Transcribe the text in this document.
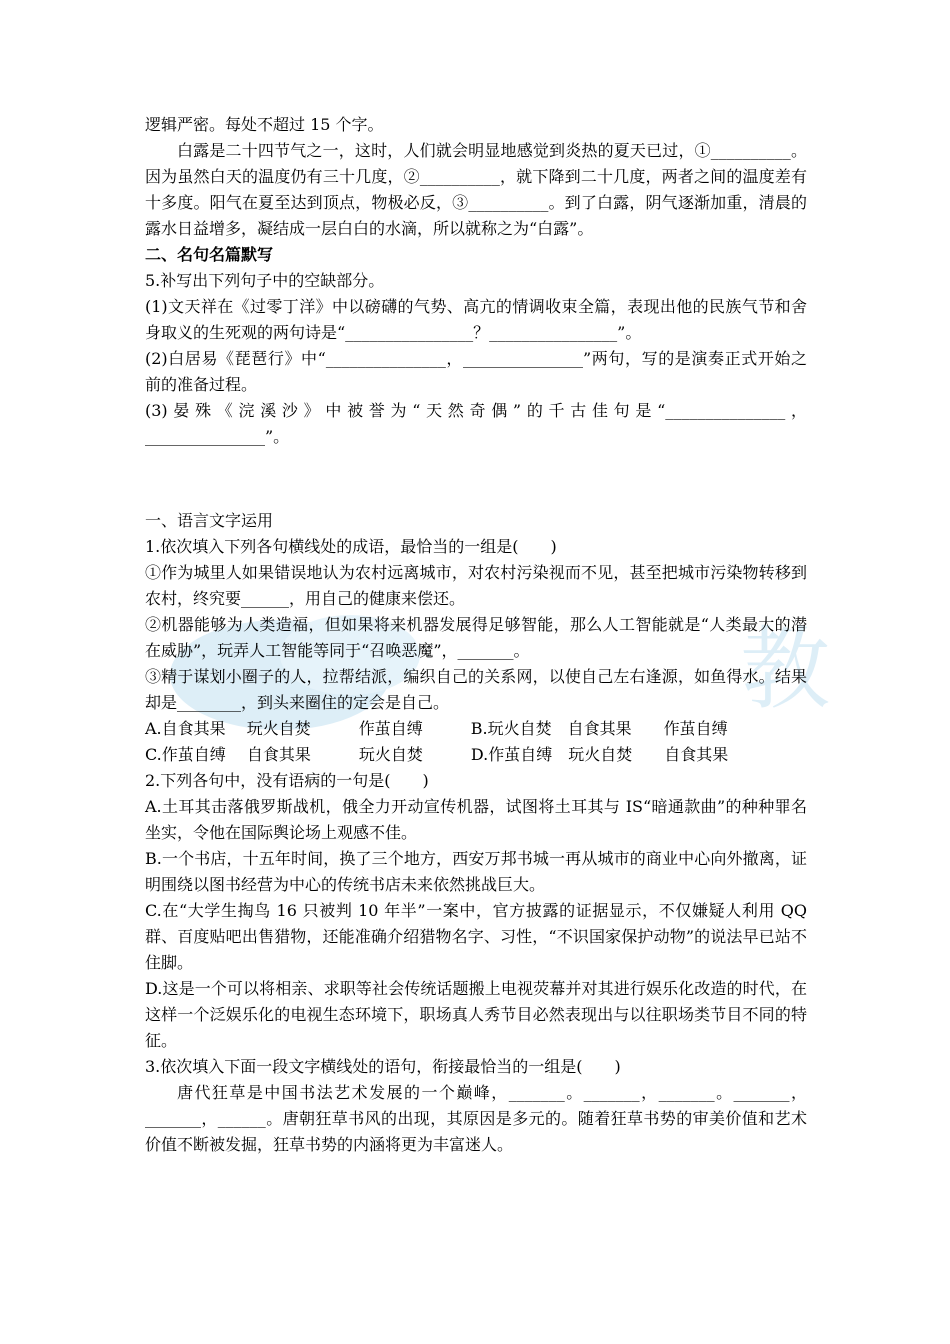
教

逻辑严密。每处不超过 15 个字。

白露是二十四节气之一，这时，人们就会明显地感觉到炎热的夏天已过，①__________。因为虽然白天的温度仍有三十几度，②__________，就下降到二十几度，两者之间的温度差有十多度。阳气在夏至达到顶点，物极必反，③__________。到了白露，阴气逐渐加重，清晨的露水日益增多，凝结成一层白白的水滴，所以就称之为“白露”。

二、名句名篇默写

5.补写出下列句子中的空缺部分。

(1)文天祥在《过零丁洋》中以磅礴的气势、高亢的情调收束全篇，表现出他的民族气节和舍身取义的生死观的两句诗是“________________？________________”。

(2)白居易《琵琶行》中“_______________，_______________”两句，写的是演奏正式开始之前的准备过程。

(3)晏殊《浣溪沙》中被誉为“天然奇偶”的千古佳句是“_______________，_______________”。

一、语言文字运用

1.依次填入下列各句横线处的成语，最恰当的一组是(　　)

①作为城里人如果错误地认为农村远离城市，对农村污染视而不见，甚至把城市污染物转移到农村，终究要______，用自己的健康来偿还。

②机器能够为人类造福，但如果将来机器发展得足够智能，那么人工智能就是“人类最大的潜在威胁”，玩弄人工智能等同于“召唤恶魔”，_______。

③精于谋划小圈子的人，拉帮结派，编织自己的关系网，以使自己左右逢源，如鱼得水。结果却是________，到头来圈住的定会是自己。

A.自食其果　 玩火自焚　　　作茧自缚　　　	B.玩火自焚　自食其果　　作茧自缚

C.作茧自缚　 自食其果　　　玩火自焚　　　	D.作茧自缚　玩火自焚　　自食其果

2.下列各句中，没有语病的一句是(　　)

A.土耳其击落俄罗斯战机，俄全力开动宣传机器，试图将土耳其与 IS“暗通款曲”的种种罪名坐实，令他在国际舆论场上观感不佳。

B.一个书店，十五年时间，换了三个地方，西安万邦书城一再从城市的商业中心向外撤离，证明围绕以图书经营为中心的传统书店未来依然挑战巨大。

C.在“大学生掏鸟 16 只被判 10 年半”一案中，官方披露的证据显示，不仅嫌疑人利用 QQ 群、百度贴吧出售猎物，还能准确介绍猎物名字、习性，“不识国家保护动物”的说法早已站不住脚。

D.这是一个可以将相亲、求职等社会传统话题搬上电视荧幕并对其进行娱乐化改造的时代，在这样一个泛娱乐化的电视生态环境下，职场真人秀节目必然表现出与以往职场类节目不同的特征。

3.依次填入下面一段文字横线处的语句，衔接最恰当的一组是(　　)

唐代狂草是中国书法艺术发展的一个巅峰，_______。_______，_______。_______，_______，______。唐朝狂草书风的出现，其原因是多元的。随着狂草书势的审美价值和艺术价值不断被发掘，狂草书势的内涵将更为丰富迷人。
